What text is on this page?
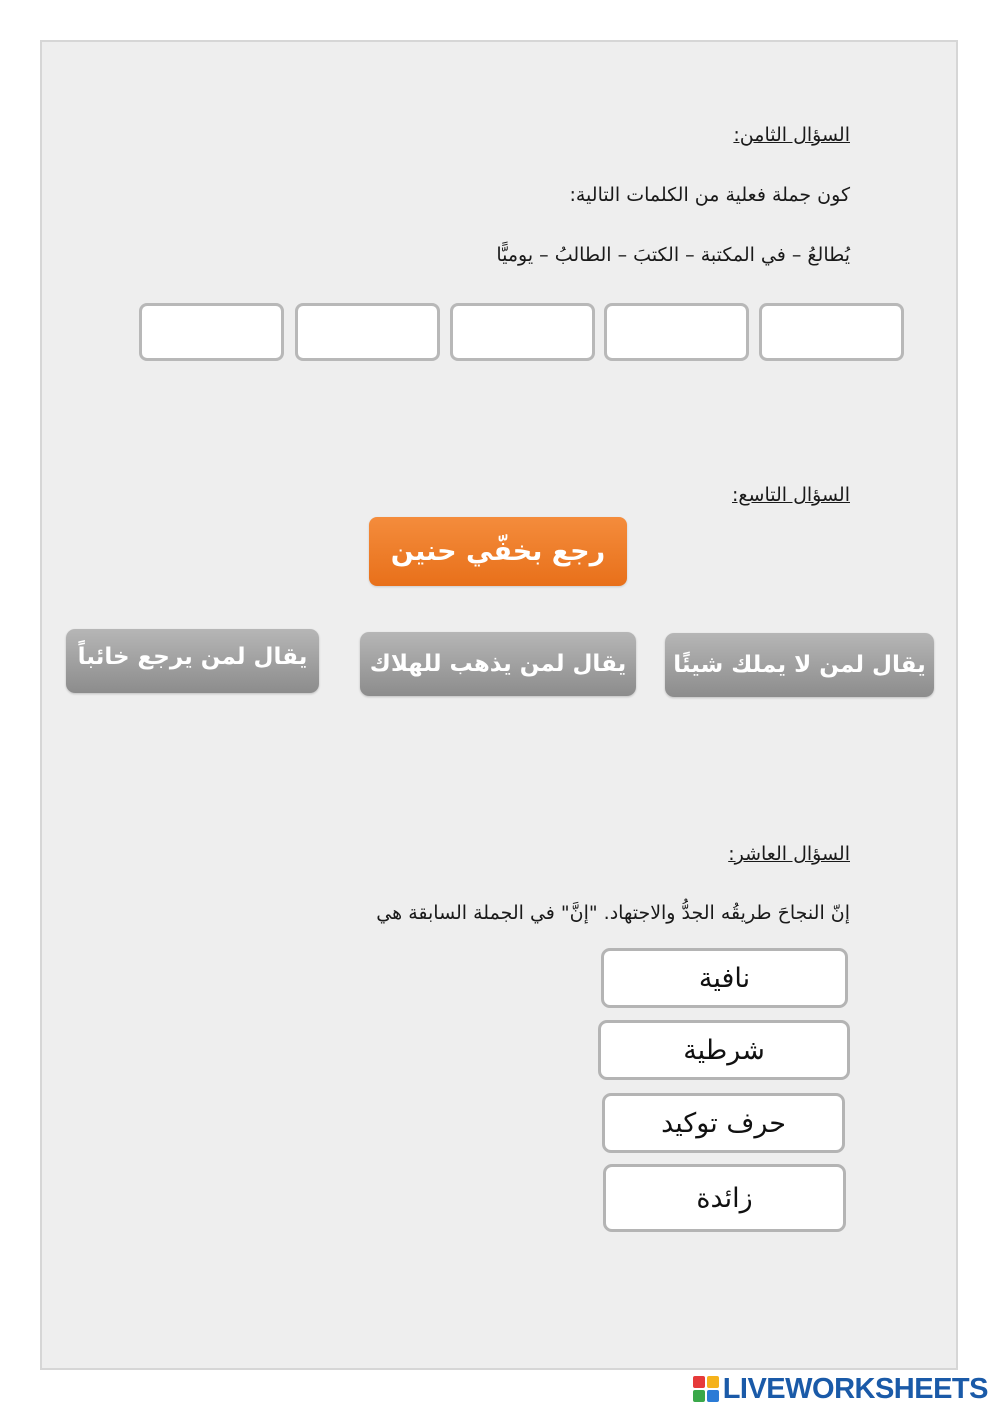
السؤال الثامن:
كون جملة فعلية من الكلمات التالية:
يُطالعُ – في المكتبة – الكتبَ – الطالبُ – يوميًّا
السؤال التاسع:
رجع بخفّي حنين
يقال لمن لا يملك شيئًا
يقال لمن يذهب للهلاك
يقال لمن يرجع خائباً
السؤال العاشر:
إنّ النجاحَ طريقُه الجدُّ والاجتهاد. "إنَّ" في الجملة السابقة هي
نافية
شرطية
حرف توكيد
زائدة
LIVEWORKSHEETS
